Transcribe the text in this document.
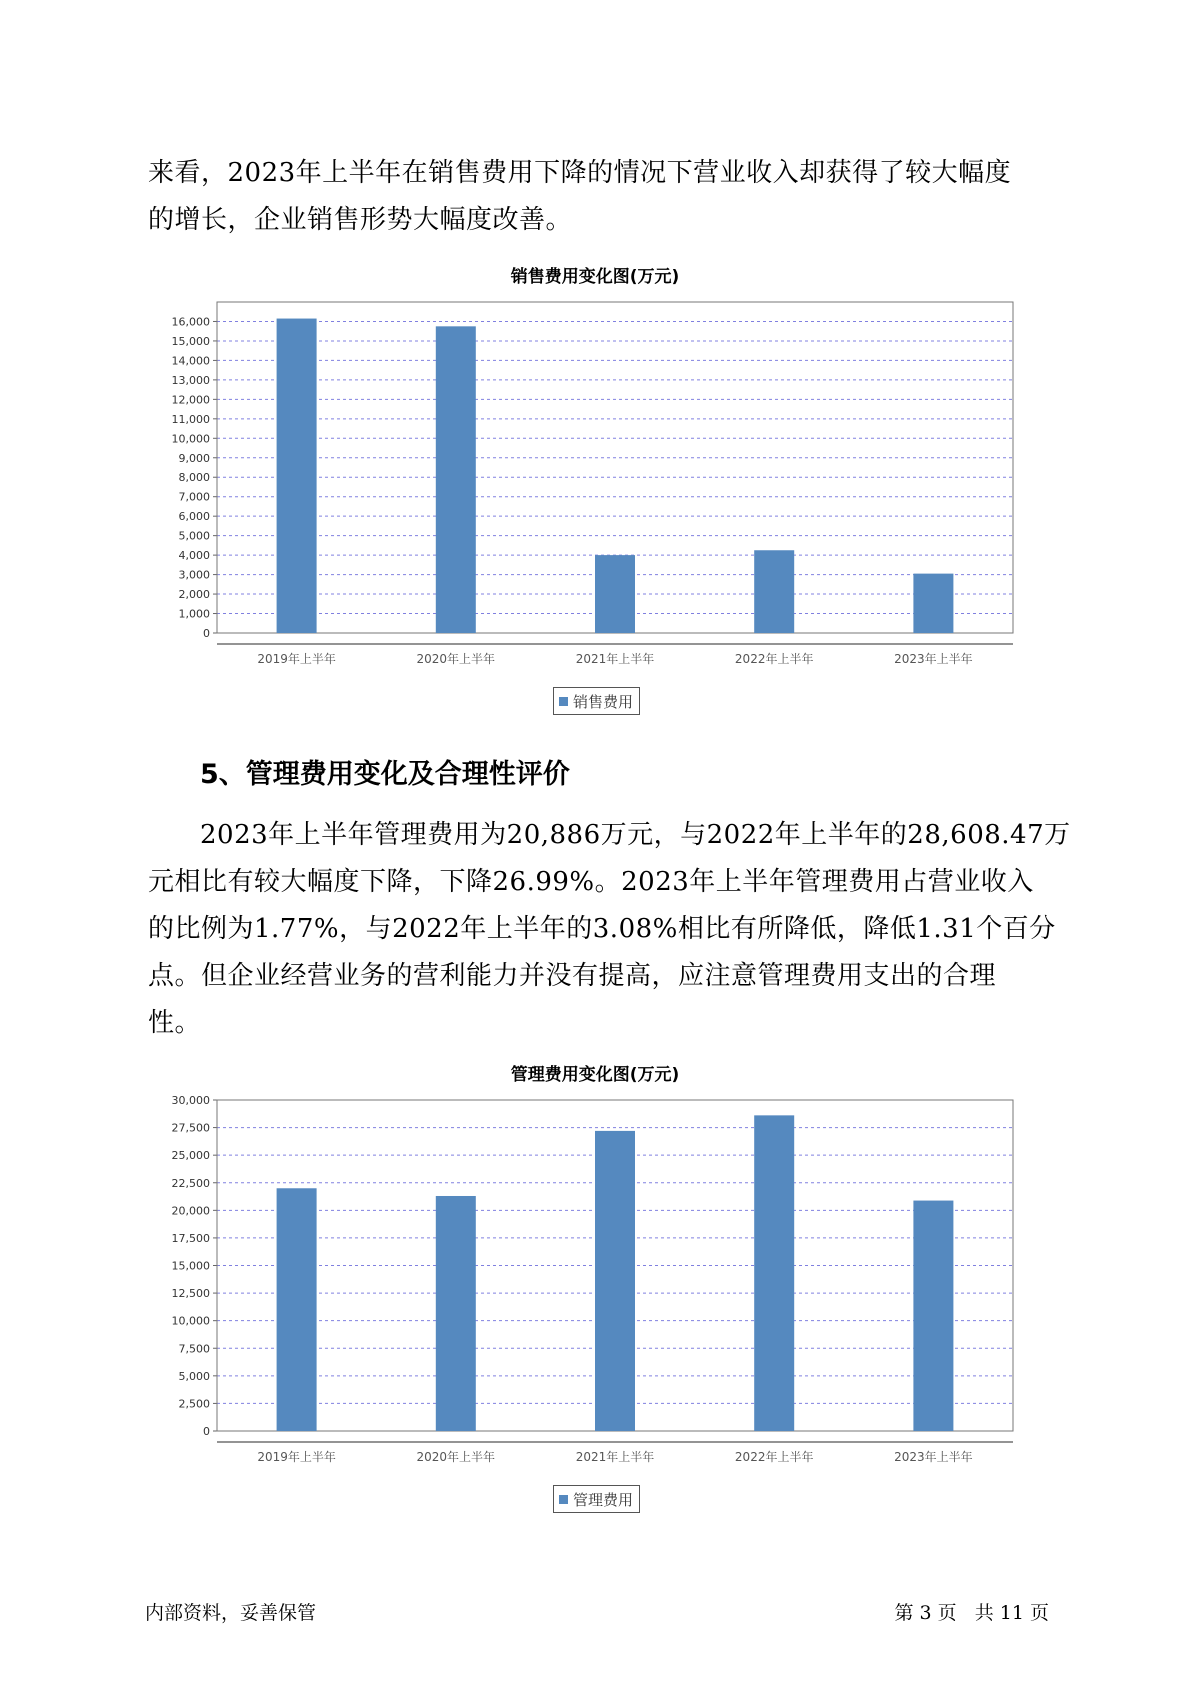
来看，2023年上半年在销售费用下降的情况下营业收入却获得了较大幅度
的增长，企业销售形势大幅度改善。
销售费用变化图(万元)
0
1,000
2,000
3,000
4,000
5,000
6,000
7,000
8,000
9,000
10,000
11,000
12,000
13,000
14,000
15,000
16,000
2019年上半年	2020年上半年	2021年上半年	2022年上半年	2023年上半年
销售费用
5、管理费用变化及合理性评价
2023年上半年管理费用为20,886万元，与2022年上半年的28,608.47万
元相比有较大幅度下降，下降26.99%。2023年上半年管理费用占营业收入
的比例为1.77%，与2022年上半年的3.08%相比有所降低，降低1.31个百分
点。但企业经营业务的营利能力并没有提高，应注意管理费用支出的合理
性。
管理费用变化图(万元)
0
2,500
5,000
7,500
10,000
12,500
15,000
17,500
20,000
22,500
25,000
27,500
30,000
2019年上半年	2020年上半年	2021年上半年	2022年上半年	2023年上半年
管理费用
内部资料，妥善保管	第 3 页 共 11 页
